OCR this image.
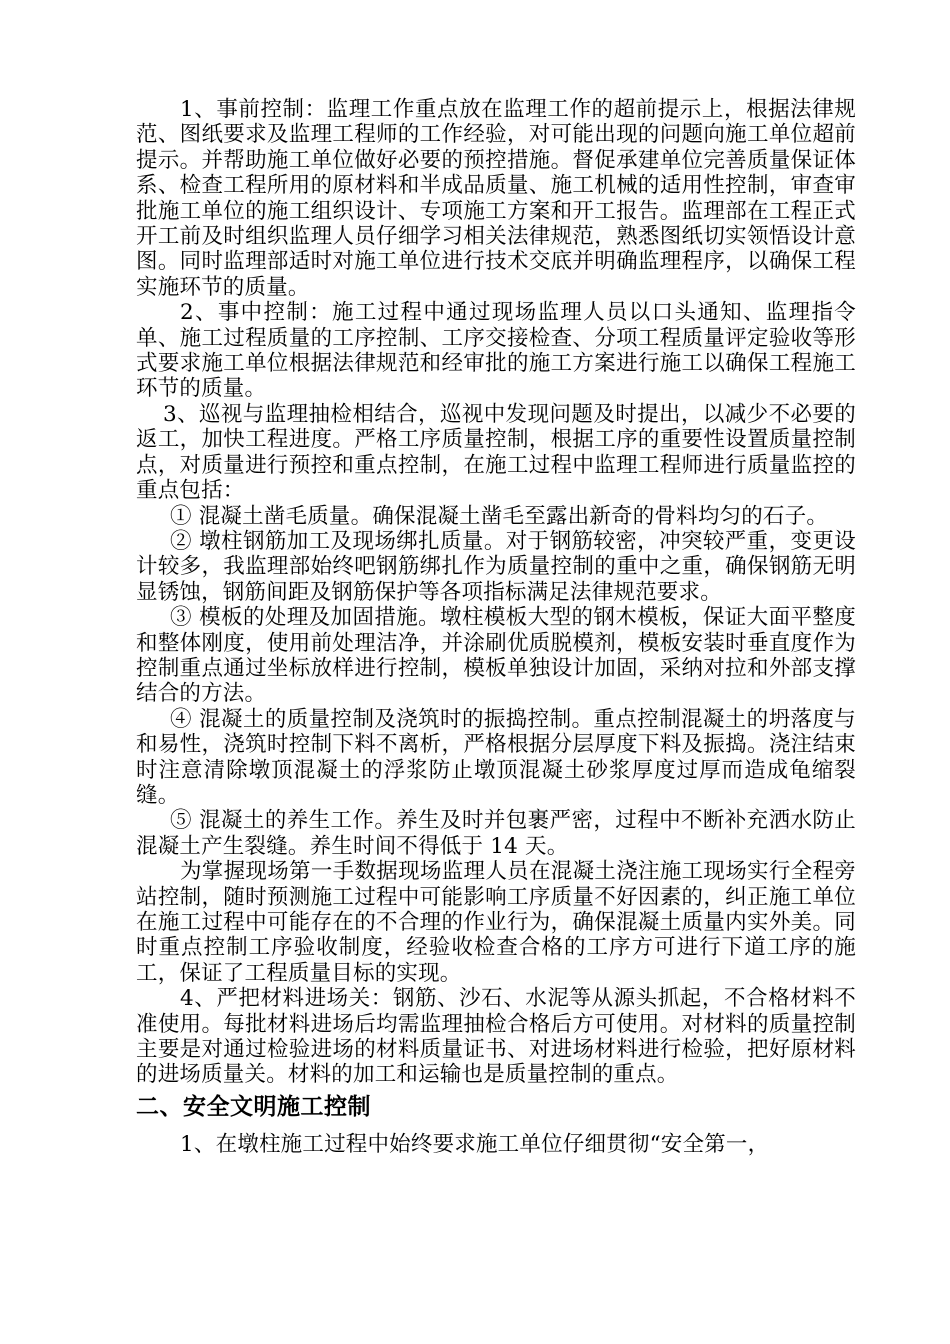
1、事前控制：监理工作重点放在监理工作的超前提示上，根据法律规范、图纸要求及监理工程师的工作经验，对可能出现的问题向施工单位超前提示。并帮助施工单位做好必要的预控措施。督促承建单位完善质量保证体系、检查工程所用的原材料和半成品质量、施工机械的适用性控制，审查审批施工单位的施工组织设计、专项施工方案和开工报告。监理部在工程正式开工前及时组织监理人员仔细学习相关法律规范，熟悉图纸切实领悟设计意图。同时监理部适时对施工单位进行技术交底并明确监理程序，以确保工程实施环节的质量。

2、事中控制：施工过程中通过现场监理人员以口头通知、监理指令单、施工过程质量的工序控制、工序交接检查、分项工程质量评定验收等形式要求施工单位根据法律规范和经审批的施工方案进行施工以确保工程施工环节的质量。

3、巡视与监理抽检相结合，巡视中发现问题及时提出，以减少不必要的返工，加快工程进度。严格工序质量控制，根据工序的重要性设置质量控制点，对质量进行预控和重点控制，在施工过程中监理工程师进行质量监控的重点包括：

① 混凝土凿毛质量。确保混凝土凿毛至露出新奇的骨料均匀的石子。

② 墩柱钢筋加工及现场绑扎质量。对于钢筋较密，冲突较严重，变更设计较多，我监理部始终吧钢筋绑扎作为质量控制的重中之重，确保钢筋无明显锈蚀，钢筋间距及钢筋保护等各项指标满足法律规范要求。

③ 模板的处理及加固措施。墩柱模板大型的钢木模板，保证大面平整度和整体刚度，使用前处理洁净，并涂刷优质脱模剂，模板安装时垂直度作为控制重点通过坐标放样进行控制，模板单独设计加固，采纳对拉和外部支撑结合的方法。

④ 混凝土的质量控制及浇筑时的振捣控制。重点控制混凝土的坍落度与和易性，浇筑时控制下料不离析，严格根据分层厚度下料及振捣。浇注结束时注意清除墩顶混凝土的浮浆防止墩顶混凝土砂浆厚度过厚而造成龟缩裂缝。

⑤ 混凝土的养生工作。养生及时并包裹严密，过程中不断补充洒水防止混凝土产生裂缝。养生时间不得低于 14 天。

为掌握现场第一手数据现场监理人员在混凝土浇注施工现场实行全程旁站控制，随时预测施工过程中可能影响工序质量不好因素的，纠正施工单位在施工过程中可能存在的不合理的作业行为，确保混凝土质量内实外美。同时重点控制工序验收制度，经验收检查合格的工序方可进行下道工序的施工，保证了工程质量目标的实现。

4、严把材料进场关：钢筋、沙石、水泥等从源头抓起，不合格材料不准使用。每批材料进场后均需监理抽检合格后方可使用。对材料的质量控制主要是对通过检验进场的材料质量证书、对进场材料进行检验，把好原材料的进场质量关。材料的加工和运输也是质量控制的重点。

二、安全文明施工控制

1、在墩柱施工过程中始终要求施工单位仔细贯彻“安全第一，
